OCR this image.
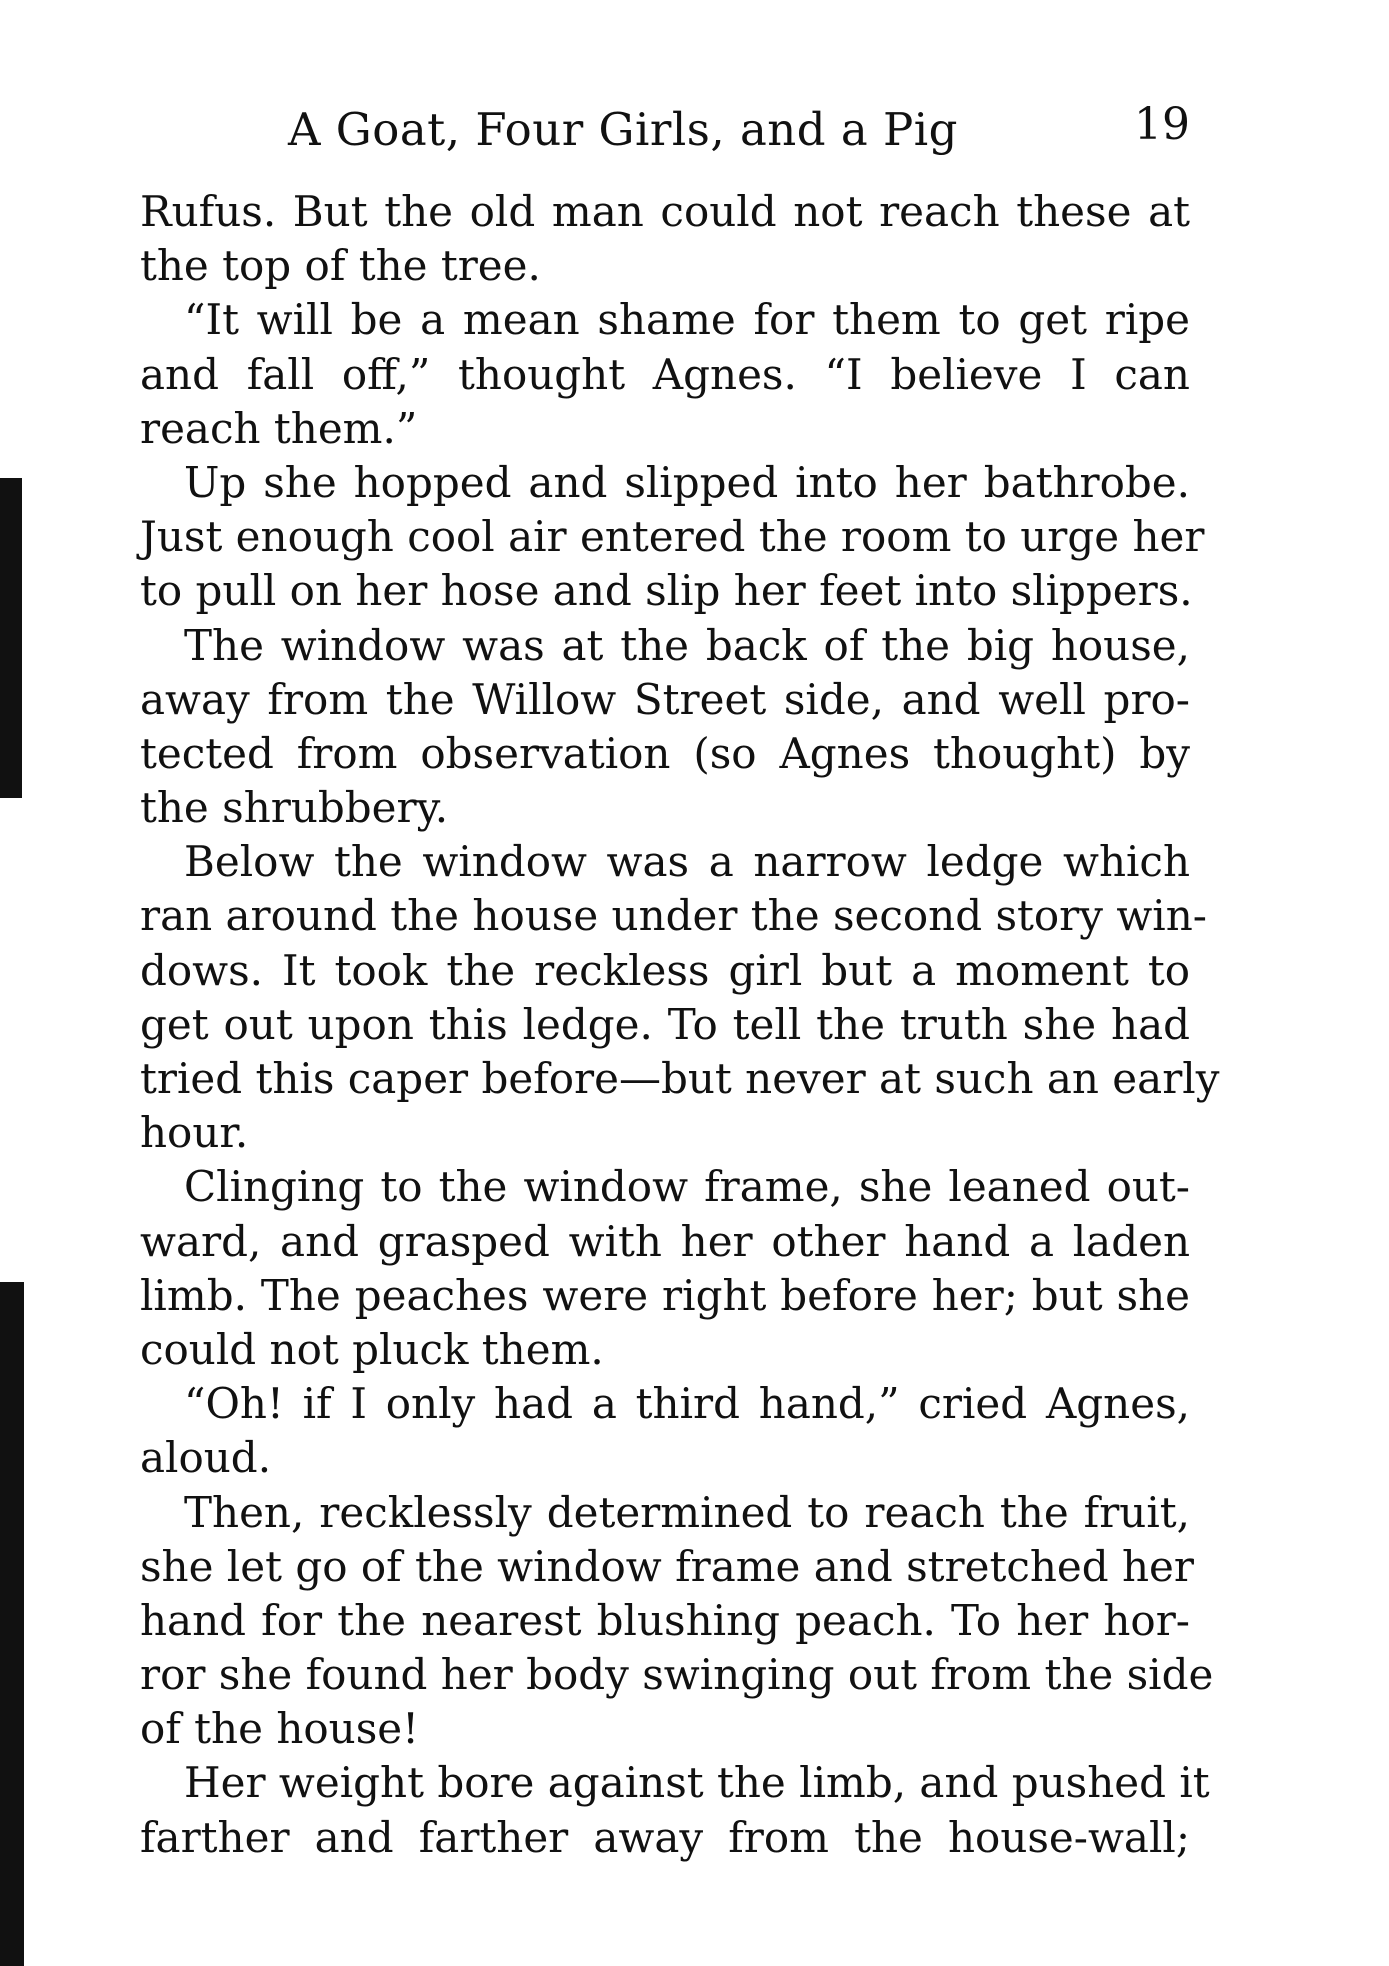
A Goat, Four Girls, and a Pig	19
Rufus. But the old man could not reach these at
the top of the tree.
“It will be a mean shame for them to get ripe
and fall off,” thought Agnes. “I believe I can
reach them.”
Up she hopped and slipped into her bathrobe.
Just enough cool air entered the room to urge her
to pull on her hose and slip her feet into slippers.
The window was at the back of the big house,
away from the Willow Street side, and well pro-
tected from observation (so Agnes thought) by
the shrubbery.
Below the window was a narrow ledge which
ran around the house under the second story win-
dows. It took the reckless girl but a moment to
get out upon this ledge. To tell the truth she had
tried this caper before—but never at such an early
hour.
Clinging to the window frame, she leaned out-
ward, and grasped with her other hand a laden
limb. The peaches were right before her; but she
could not pluck them.
“Oh! if I only had a third hand,” cried Agnes,
aloud.
Then, recklessly determined to reach the fruit,
she let go of the window frame and stretched her
hand for the nearest blushing peach. To her hor-
ror she found her body swinging out from the side
of the house!
Her weight bore against the limb, and pushed it
farther and farther away from the house-wall;
